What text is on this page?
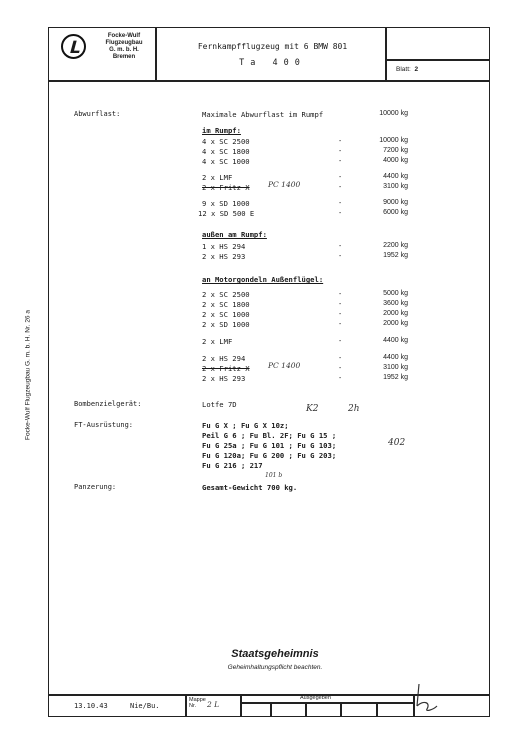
L
Focke-Wulf
Flugzeugbau
G. m. b. H.
Bremen
Fernkampfflugzeug mit 6 BMW 801
Ta 400
Blatt: 2
Focke-Wulf Flugzeugbau G. m. b. H. Nr. 26 a
Abwurflast:	Maximale Abwurflast im Rumpf	10000 kg
im Rumpf:
4 x SC 2500	-	10000 kg
4 x SC 1800	-	7200 kg
4 x SC 1000	-	4000 kg
2 x LMF	-	4400 kg
2 x Fritz X PC 1400	-	3100 kg
9 x SD 1000	-	9000 kg
12 x SD 500 E	-	6000 kg
außen am Rumpf:
1 x HS 294	-	2200 kg
2 x HS 293	-	1952 kg
an Motorgondeln Außenflügel:
2 x SC 2500	-	5000 kg
2 x SC 1800	-	3600 kg
2 x SC 1000	-	2000 kg
2 x SD 1000	-	2000 kg
2 x LMF	-	4400 kg
2 x HS 294	-	4400 kg
2 x Fritz X PC 1400	-	3100 kg
2 x HS 293	-	1952 kg
Bombenzielgerät:	Lotfe 7D	K2	2h
FT-Ausrüstung:	Fu G X ; Fu G X 10z;
Peil G 6 ; Fu Bl. 2F; Fu G 15 ;
Fu G 25a ; Fu G 101 ; Fu G 103;
Fu G 120a; Fu G 200 ; Fu G 203;
Fu G 216 ; 217
402
101 b
Panzerung:	Gesamt-Gewicht 700 kg.
Staatsgeheimnis
Geheimhaltungspflicht beachten.
13.10.43	Nie/Bu.
Mappe
Nr.	2 L
Ausgegeben
